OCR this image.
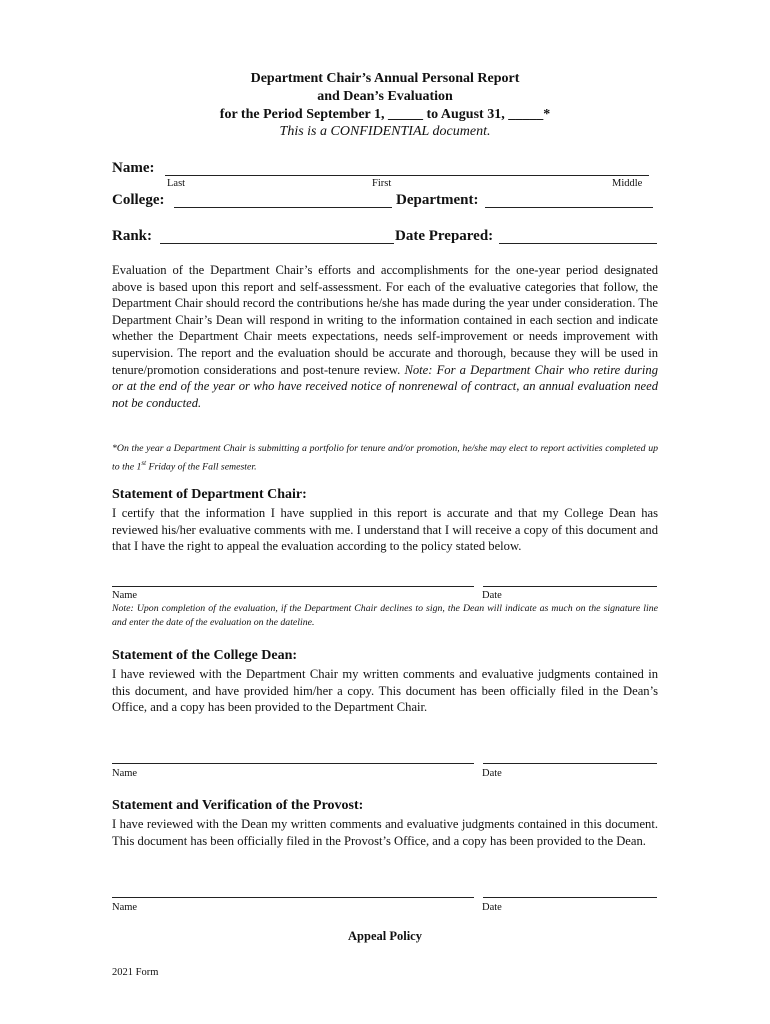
Department Chair’s Annual Personal Report
and Dean’s Evaluation
for the Period September 1, _____ to August 31, _____*
This is a CONFIDENTIAL document.
Name:
Last	First	Middle
College:	Department:
Rank:	Date Prepared:
Evaluation of the Department Chair’s efforts and accomplishments for the one-year period designated above is based upon this report and self-assessment. For each of the evaluative categories that follow, the Department Chair should record the contributions he/she has made during the year under consideration. The Department Chair’s Dean will respond in writing to the information contained in each section and indicate whether the Department Chair meets expectations, needs self-improvement or needs improvement with supervision. The report and the evaluation should be accurate and thorough, because they will be used in tenure/promotion considerations and post-tenure review. Note: For a Department Chair who retire during or at the end of the year or who have received notice of nonrenewal of contract, an annual evaluation need not be conducted.
*On the year a Department Chair is submitting a portfolio for tenure and/or promotion, he/she may elect to report activities completed up to the 1st Friday of the Fall semester.
Statement of Department Chair:
I certify that the information I have supplied in this report is accurate and that my College Dean has reviewed his/her evaluative comments with me. I understand that I will receive a copy of this document and that I have the right to appeal the evaluation according to the policy stated below.
Name	Date
Note: Upon completion of the evaluation, if the Department Chair declines to sign, the Dean will indicate as much on the signature line and enter the date of the evaluation on the dateline.
Statement of the College Dean:
I have reviewed with the Department Chair my written comments and evaluative judgments contained in this document, and have provided him/her a copy. This document has been officially filed in the Dean’s Office, and a copy has been provided to the Department Chair.
Name	Date
Statement and Verification of the Provost:
I have reviewed with the Dean my written comments and evaluative judgments contained in this document. This document has been officially filed in the Provost’s Office, and a copy has been provided to the Dean.
Name	Date
Appeal Policy
2021 Form
